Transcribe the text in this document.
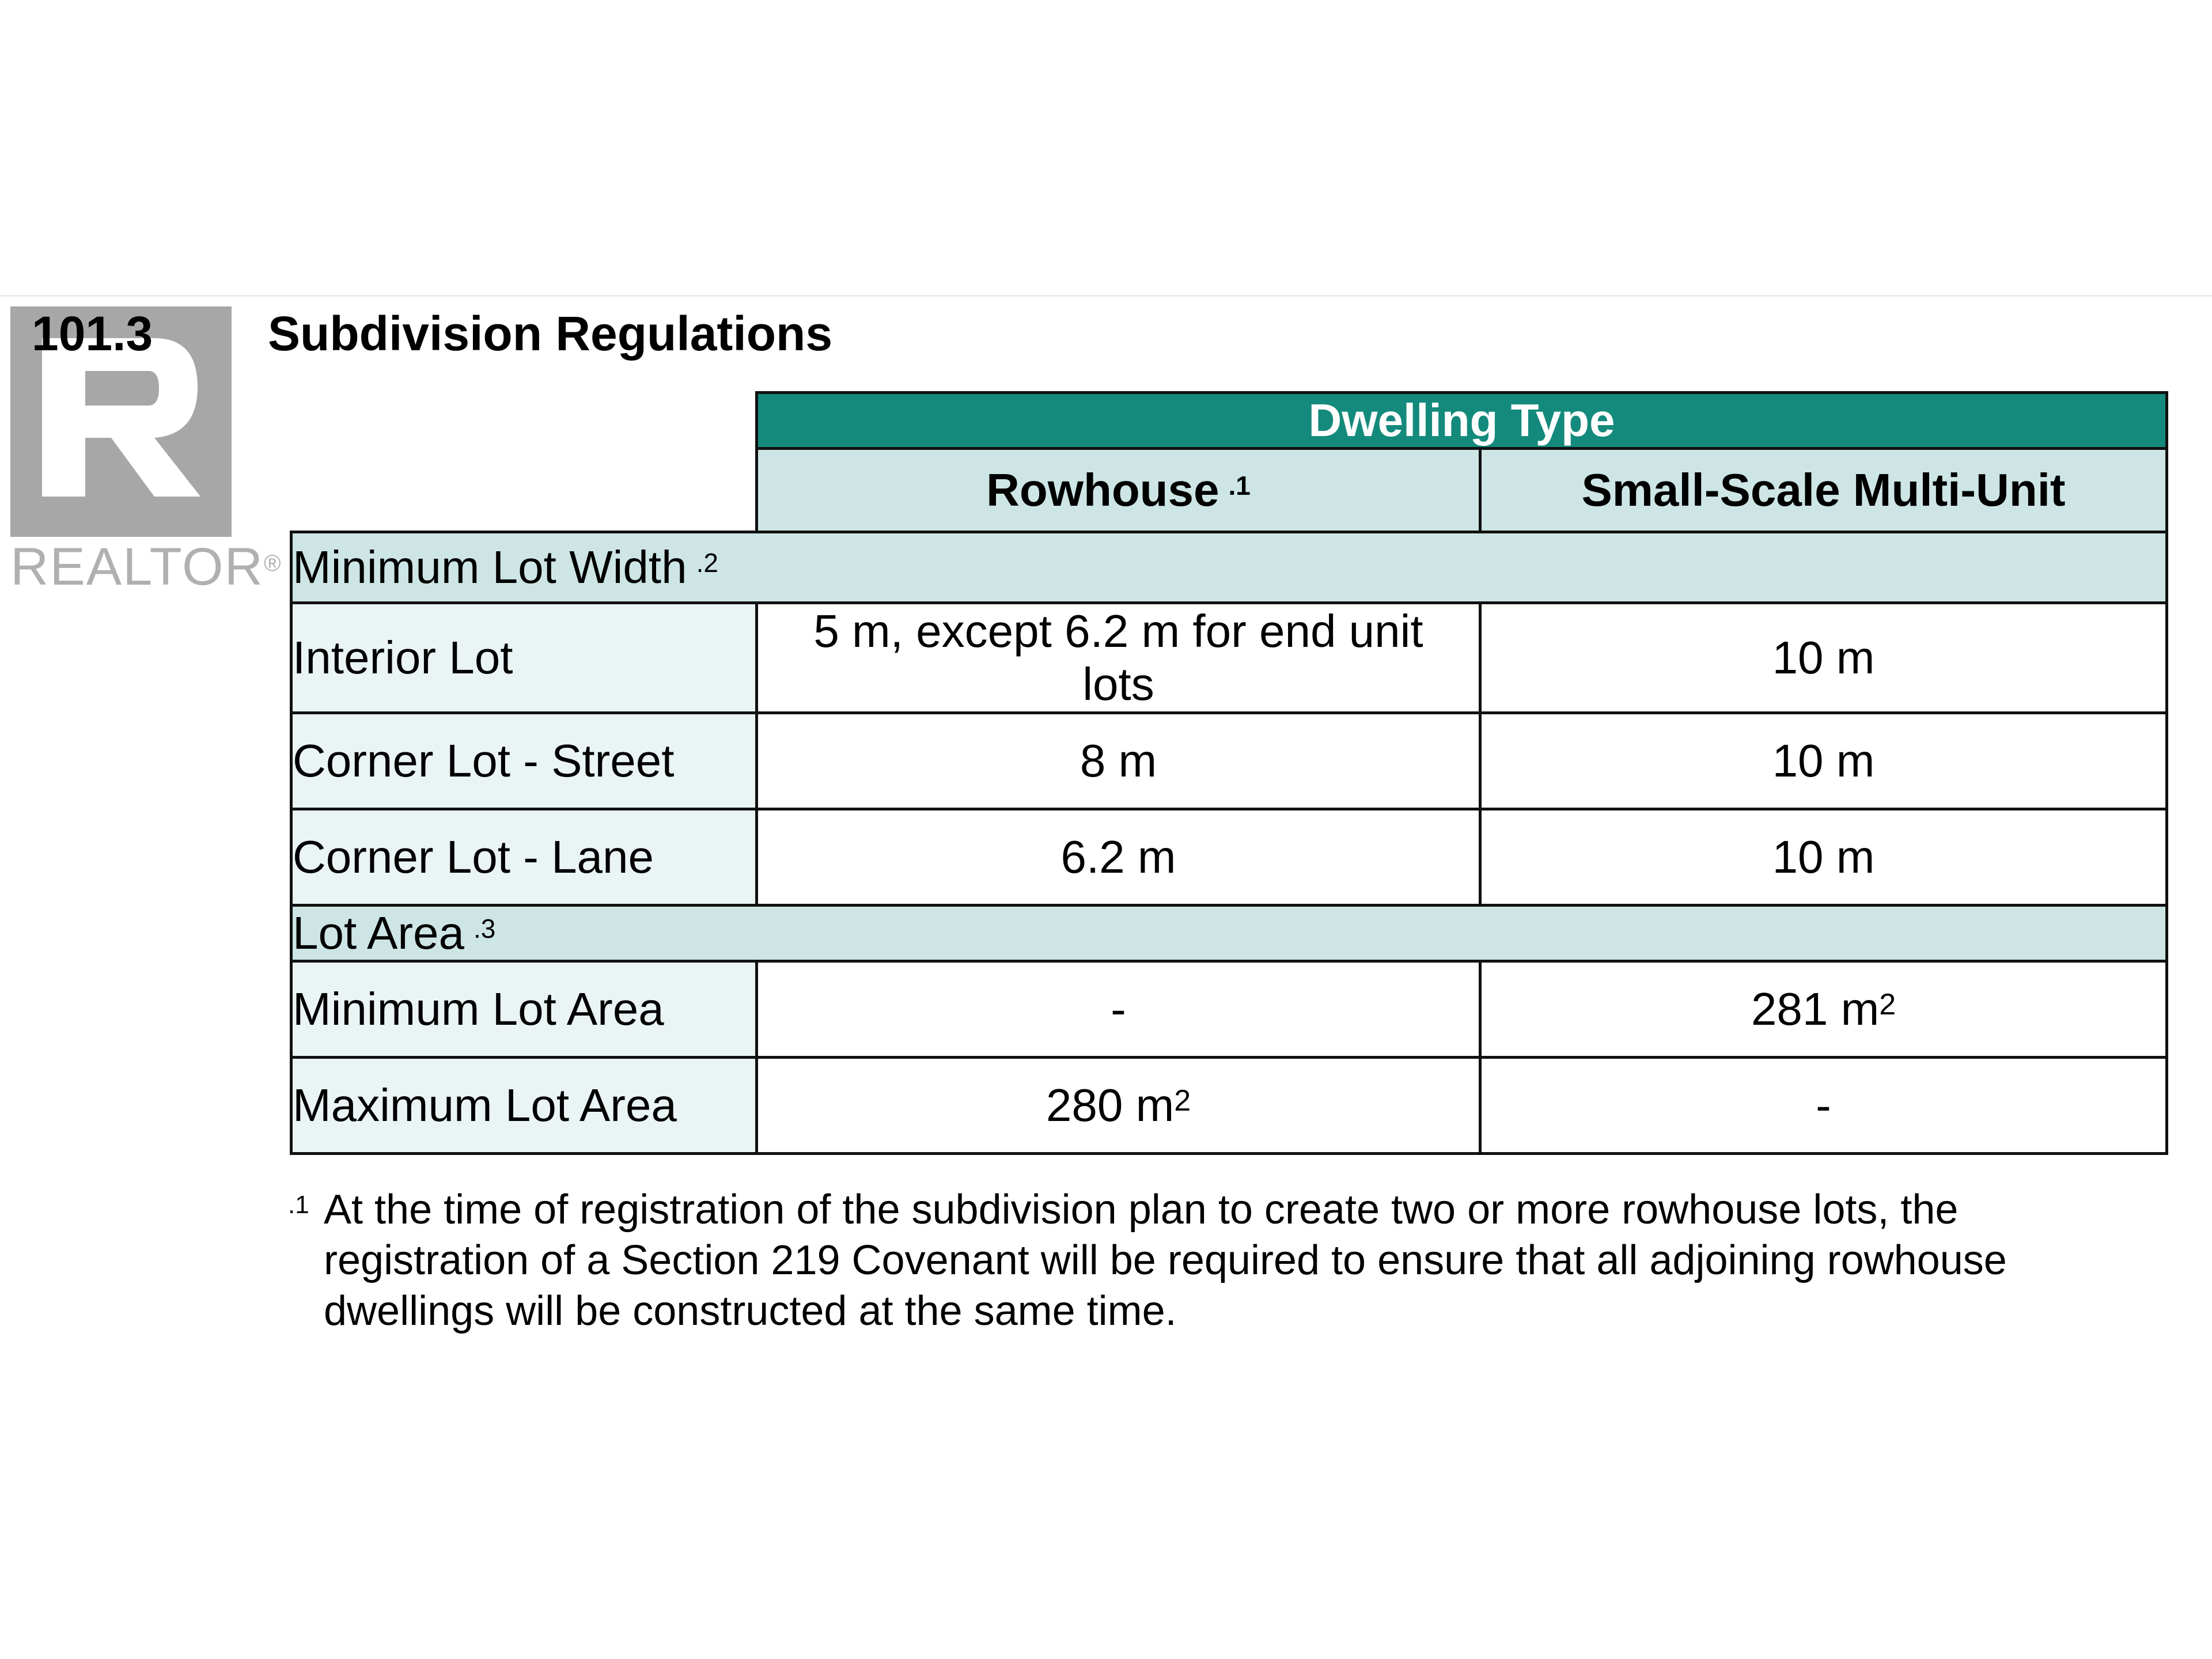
REALTOR®
101.3 Subdivision Regulations
	Dwelling Type	
	Rowhouse $^{.1}$	Small-Scale Multi-Unit
Minimum Lot Width $^{.2}$
Interior Lot	5 m, except 6.2 m for end unit lots	10 m
Corner Lot - Street	8 m	10 m
Corner Lot - Lane	6.2 m	10 m
Lot Area $^{.3}$
Minimum Lot Area	-	281 $m^2$
Maximum Lot Area	280 $m^2$	-
.1 At the time of registration of the subdivision plan to create two or more rowhouse lots, the registration of a Section 219 Covenant will be required to ensure that all adjoining rowhouse dwellings will be constructed at the same time.
